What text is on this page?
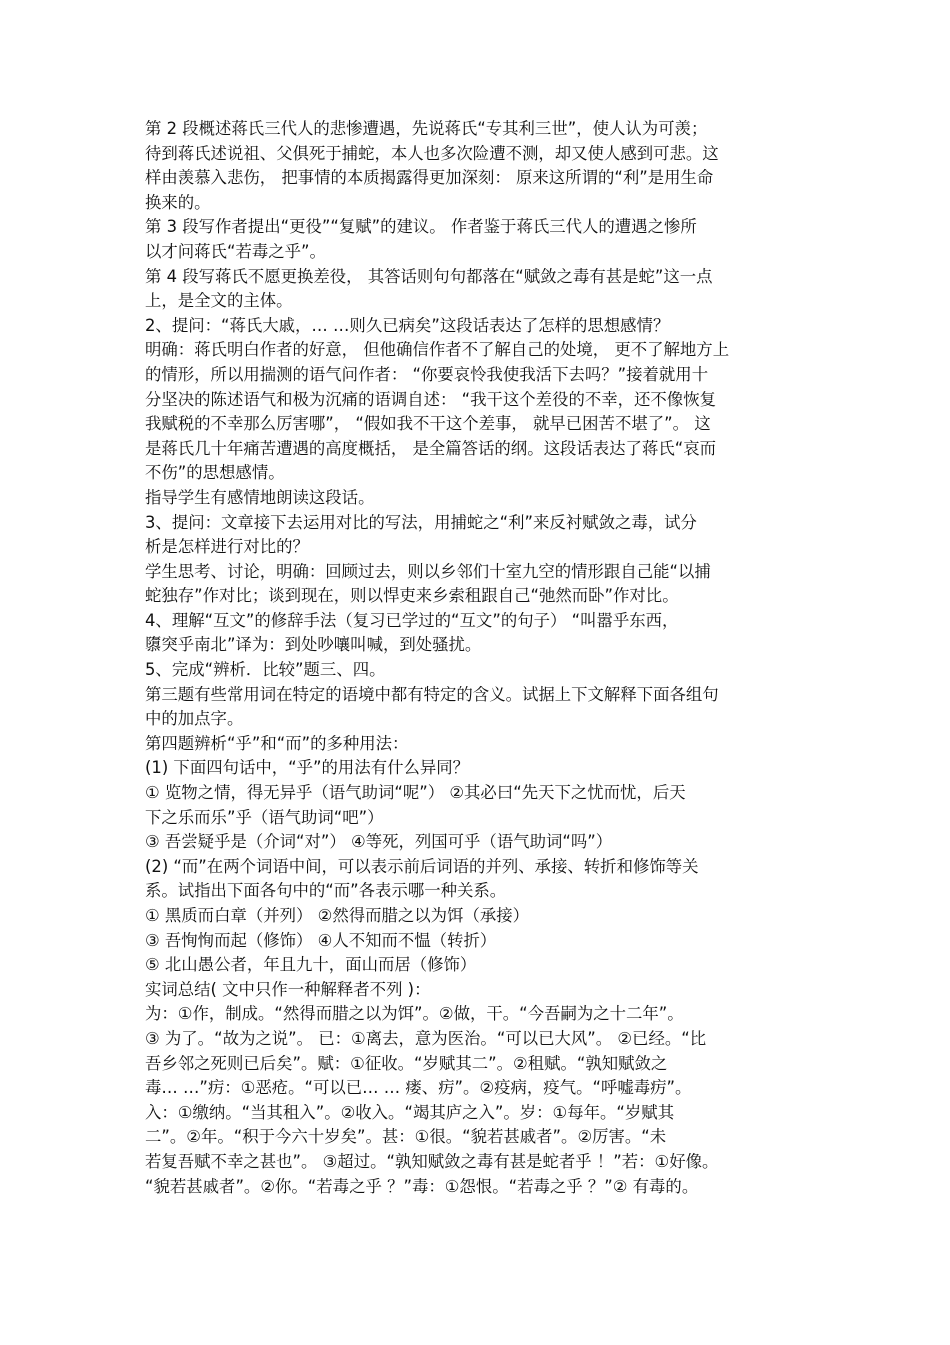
第 2 段概述蒋氏三代人的悲惨遭遇，先说蒋氏“专其利三世”，使人认为可羡；
待到蒋氏述说祖、父俱死于捕蛇，本人也多次险遭不测，却又使人感到可悲。这
样由羡慕入悲伤， 把事情的本质揭露得更加深刻： 原来这所谓的“利”是用生命
换来的。
第 3 段写作者提出“更役”“复赋”的建议。 作者鉴于蒋氏三代人的遭遇之惨所
以才问蒋氏“若毒之乎”。
第 4 段写蒋氏不愿更换差役， 其答话则句句都落在“赋敛之毒有甚是蛇”这一点
上，是全文的主体。
2、提问：“蒋氏大戚，… …则久已病矣”这段话表达了怎样的思想感情？
明确：蒋氏明白作者的好意， 但他确信作者不了解自己的处境， 更不了解地方上
的情形，所以用揣测的语气问作者： “你要哀怜我使我活下去吗？”接着就用十
分坚决的陈述语气和极为沉痛的语调自述： “我干这个差役的不幸，还不像恢复
我赋税的不幸那么厉害哪”， “假如我不干这个差事， 就早已困苦不堪了”。 这
是蒋氏几十年痛苦遭遇的高度概括， 是全篇答话的纲。这段话表达了蒋氏“哀而
不伤”的思想感情。
指导学生有感情地朗读这段话。
3、提问：文章接下去运用对比的写法，用捕蛇之“利”来反衬赋敛之毒，试分
析是怎样进行对比的？
学生思考、讨论，明确：回顾过去，则以乡邻们十室九空的情形跟自己能“以捕
蛇独存”作对比；谈到现在，则以悍吏来乡索租跟自己“弛然而卧”作对比。
4、理解“互文”的修辞手法（复习已学过的“互文”的句子） “叫嚣乎东西，
隳突乎南北”译为：到处吵嚷叫喊，到处骚扰。
5、完成“辨析．比较”题三、四。
第三题有些常用词在特定的语境中都有特定的含义。试据上下文解释下面各组句
中的加点字。
第四题辨析“乎”和“而”的多种用法：
(1) 下面四句话中，“乎”的用法有什么异同？
① 览物之情，得无异乎（语气助词“呢”） ②其必曰“先天下之忧而忧，后天
下之乐而乐”乎（语气助词“吧”）
③ 吾尝疑乎是（介词“对”） ④等死，列国可乎（语气助词“吗”）
(2) “而”在两个词语中间，可以表示前后词语的并列、承接、转折和修饰等关
系。试指出下面各句中的“而”各表示哪一种关系。
① 黑质而白章（并列） ②然得而腊之以为饵（承接）
③ 吾恂恂而起（修饰） ④人不知而不愠（转折）
⑤ 北山愚公者，年且九十，面山而居（修饰）
实词总结( 文中只作一种解释者不列 )：
为：①作，制成。“然得而腊之以为饵”。②做，干。“今吾嗣为之十二年”。
③ 为了。“故为之说”。 已：①离去，意为医治。“可以已大风”。 ②已经。“比
吾乡邻之死则已后矣”。赋：①征收。“岁赋其二”。②租赋。“孰知赋敛之
毒… …”疠：①恶疮。“可以已… … 瘘、疠”。②疫病，疫气。“呼嘘毒疠”。
入：①缴纳。“当其租入”。②收入。“竭其庐之入”。岁：①每年。“岁赋其
二”。②年。“积于今六十岁矣”。甚：①很。“貌若甚戚者”。②厉害。“未
若复吾赋不幸之甚也”。 ③超过。“孰知赋敛之毒有甚是蛇者乎 ！”若：①好像。
“貌若甚戚者”。②你。“若毒之乎 ？”毒：①怨恨。“若毒之乎 ？”② 有毒的。
